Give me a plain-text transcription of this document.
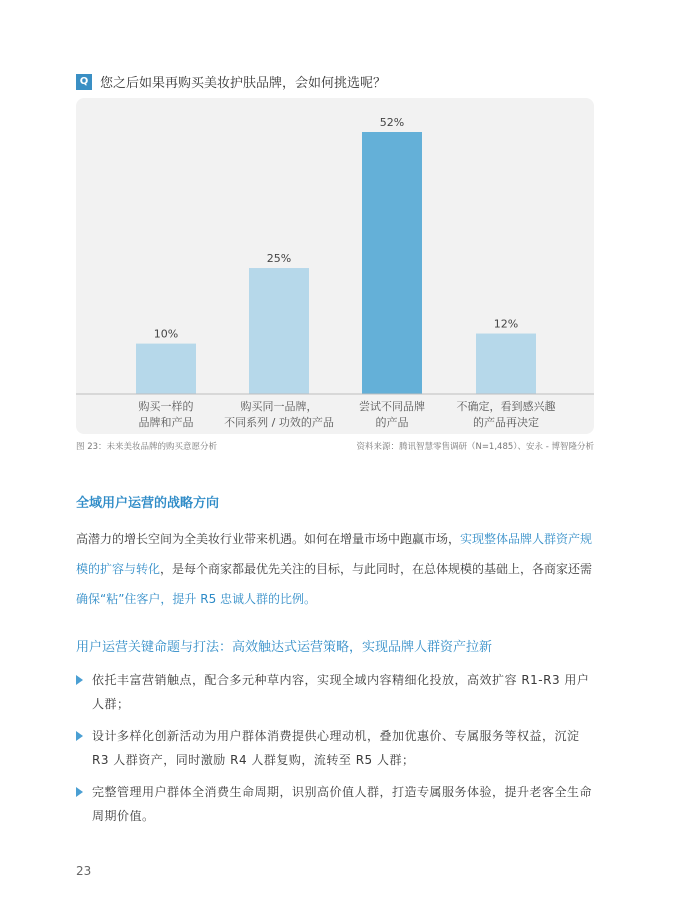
Q 您之后如果再购买美妆护肤品牌，会如何挑选呢？
10%
购买一样的
品牌和产品
25%
购买同一品牌，
不同系列 / 功效的产品
52%
尝试不同品牌
的产品
12%
不确定，看到感兴趣
的产品再决定
图 23：未来美妆品牌的购买意愿分析	资料来源：腾讯智慧零售调研（N=1,485）、安永 - 博智隆分析
全域用户运营的战略方向
高潜力的增长空间为全美妆行业带来机遇。如何在增量市场中跑赢市场，实现整体品牌人群资产规模的扩容与转化，是每个商家都最优先关注的目标，与此同时，在总体规模的基础上，各商家还需确保“粘”住客户，提升 R5 忠诚人群的比例。
用户运营关键命题与打法：高效触达式运营策略，实现品牌人群资产拉新
依托丰富营销触点，配合多元种草内容，实现全域内容精细化投放，高效扩容 R1-R3 用户人群；
设计多样化创新活动为用户群体消费提供心理动机，叠加优惠价、专属服务等权益，沉淀 R3 人群资产，同时激励 R4 人群复购，流转至 R5 人群；
完整管理用户群体全消费生命周期，识别高价值人群，打造专属服务体验，提升老客全生命周期价值。
23
